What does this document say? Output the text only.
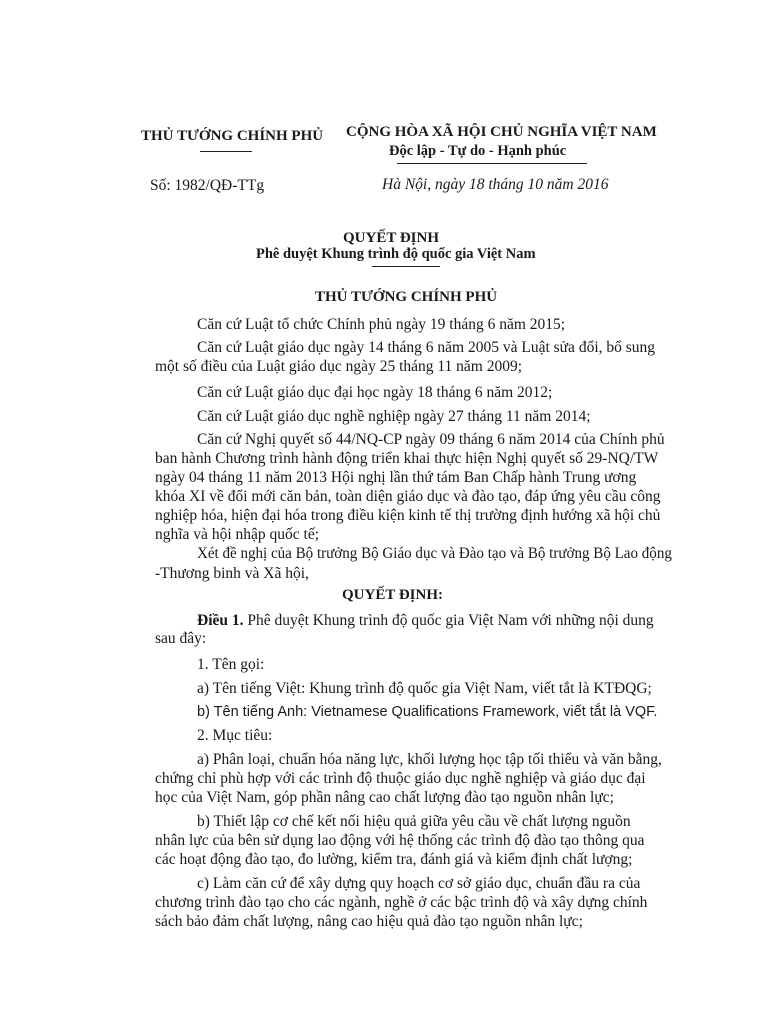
THỦ TƯỚNG CHÍNH PHỦ
Số: 1982/QĐ-TTg
CỘNG HÒA XÃ HỘI CHỦ NGHĨA VIỆT NAM
Độc lập - Tự do - Hạnh phúc
Hà Nội, ngày 18 tháng 10 năm 2016
QUYẾT ĐỊNH
Phê duyệt Khung trình độ quốc gia Việt Nam
THỦ TƯỚNG CHÍNH PHỦ
Căn cứ Luật tổ chức Chính phủ ngày 19 tháng 6 năm 2015;
Căn cứ Luật giáo dục ngày 14 tháng 6 năm 2005 và Luật sửa đổi, bổ sung
một số điều của Luật giáo dục ngày 25 tháng 11 năm 2009;
Căn cứ Luật giáo dục đại học ngày 18 tháng 6 năm 2012;
Căn cứ Luật giáo dục nghề nghiệp ngày 27 tháng 11 năm 2014;
Căn cứ Nghị quyết số 44/NQ-CP ngày 09 tháng 6 năm 2014 của Chính phủ
ban hành Chương trình hành động triển khai thực hiện Nghị quyết số 29-NQ/TW
ngày 04 tháng 11 năm 2013 Hội nghị lần thứ tám Ban Chấp hành Trung ương
khóa XI về đổi mới căn bản, toàn diện giáo dục và đào tạo, đáp ứng yêu cầu công
nghiệp hóa, hiện đại hóa trong điều kiện kinh tế thị trường định hướng xã hội chủ
nghĩa và hội nhập quốc tế;
Xét đề nghị của Bộ trưởng Bộ Giáo dục và Đào tạo và Bộ trưởng Bộ Lao động
-Thương binh và Xã hội,
QUYẾT ĐỊNH:
Điều 1. Phê duyệt Khung trình độ quốc gia Việt Nam với những nội dung
sau đây:
1. Tên gọi:
a) Tên tiếng Việt: Khung trình độ quốc gia Việt Nam, viết tắt là KTĐQG;
b) Tên tiếng Anh: Vietnamese Qualifications Framework, viết tắt là VQF.
2. Mục tiêu:
a) Phân loại, chuẩn hóa năng lực, khối lượng học tập tối thiểu và văn bằng,
chứng chỉ phù hợp với các trình độ thuộc giáo dục nghề nghiệp và giáo dục đại
học của Việt Nam, góp phần nâng cao chất lượng đào tạo nguồn nhân lực;
b) Thiết lập cơ chế kết nối hiệu quả giữa yêu cầu về chất lượng nguồn
nhân lực của bên sử dụng lao động với hệ thống các trình độ đào tạo thông qua
các hoạt động đào tạo, đo lường, kiểm tra, đánh giá và kiểm định chất lượng;
c) Làm căn cứ để xây dựng quy hoạch cơ sở giáo dục, chuẩn đầu ra của
chương trình đào tạo cho các ngành, nghề ở các bậc trình độ và xây dựng chính
sách bảo đảm chất lượng, nâng cao hiệu quả đào tạo nguồn nhân lực;
